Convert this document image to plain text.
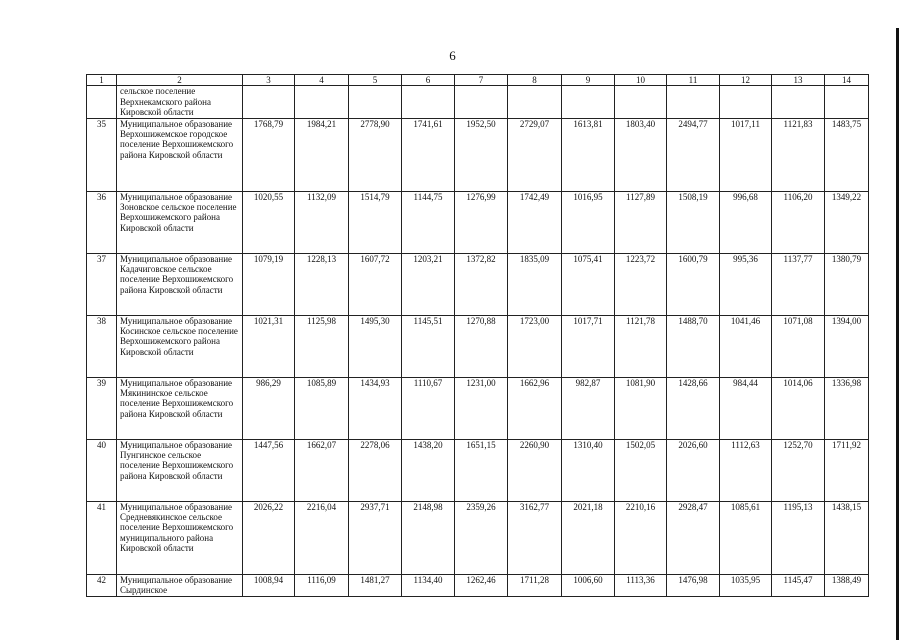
6
1	2	3	4	5	6	7	8	9	10	11	12	13	14
	сельское поселение Верхнекамского района Кировской области												
35	Муниципальное образование Верхошижемское городское поселение Верхошижемского района Кировской области	1768,79	1984,21	2778,90	1741,61	1952,50	2729,07	1613,81	1803,40	2494,77	1017,11	1121,83	1483,75
36	Муниципальное образование Зоновское сельское поселение Верхошижемского района Кировской области	1020,55	1132,09	1514,79	1144,75	1276,99	1742,49	1016,95	1127,89	1508,19	996,68	1106,20	1349,22
37	Муниципальное образование Кадачиговское сельское поселение Верхошижемского района Кировской области	1079,19	1228,13	1607,72	1203,21	1372,82	1835,09	1075,41	1223,72	1600,79	995,36	1137,77	1380,79
38	Муниципальное образование Косинское сельское поселение Верхошижемского района Кировской области	1021,31	1125,98	1495,30	1145,51	1270,88	1723,00	1017,71	1121,78	1488,70	1041,46	1071,08	1394,00
39	Муниципальное образование Мякининское сельское поселение Верхошижемского района Кировской области	986,29	1085,89	1434,93	1110,67	1231,00	1662,96	982,87	1081,90	1428,66	984,44	1014,06	1336,98
40	Муниципальное образование Пунгинское сельское поселение Верхошижемского района Кировской области	1447,56	1662,07	2278,06	1438,20	1651,15	2260,90	1310,40	1502,05	2026,60	1112,63	1252,70	1711,92
41	Муниципальное образование Средневякинское сельское поселение Верхошижемского муниципального района Кировской области	2026,22	2216,04	2937,71	2148,98	2359,26	3162,77	2021,18	2210,16	2928,47	1085,61	1195,13	1438,15
42	Муниципальное образование Сырдинское	1008,94	1116,09	1481,27	1134,40	1262,46	1711,28	1006,60	1113,36	1476,98	1035,95	1145,47	1388,49
